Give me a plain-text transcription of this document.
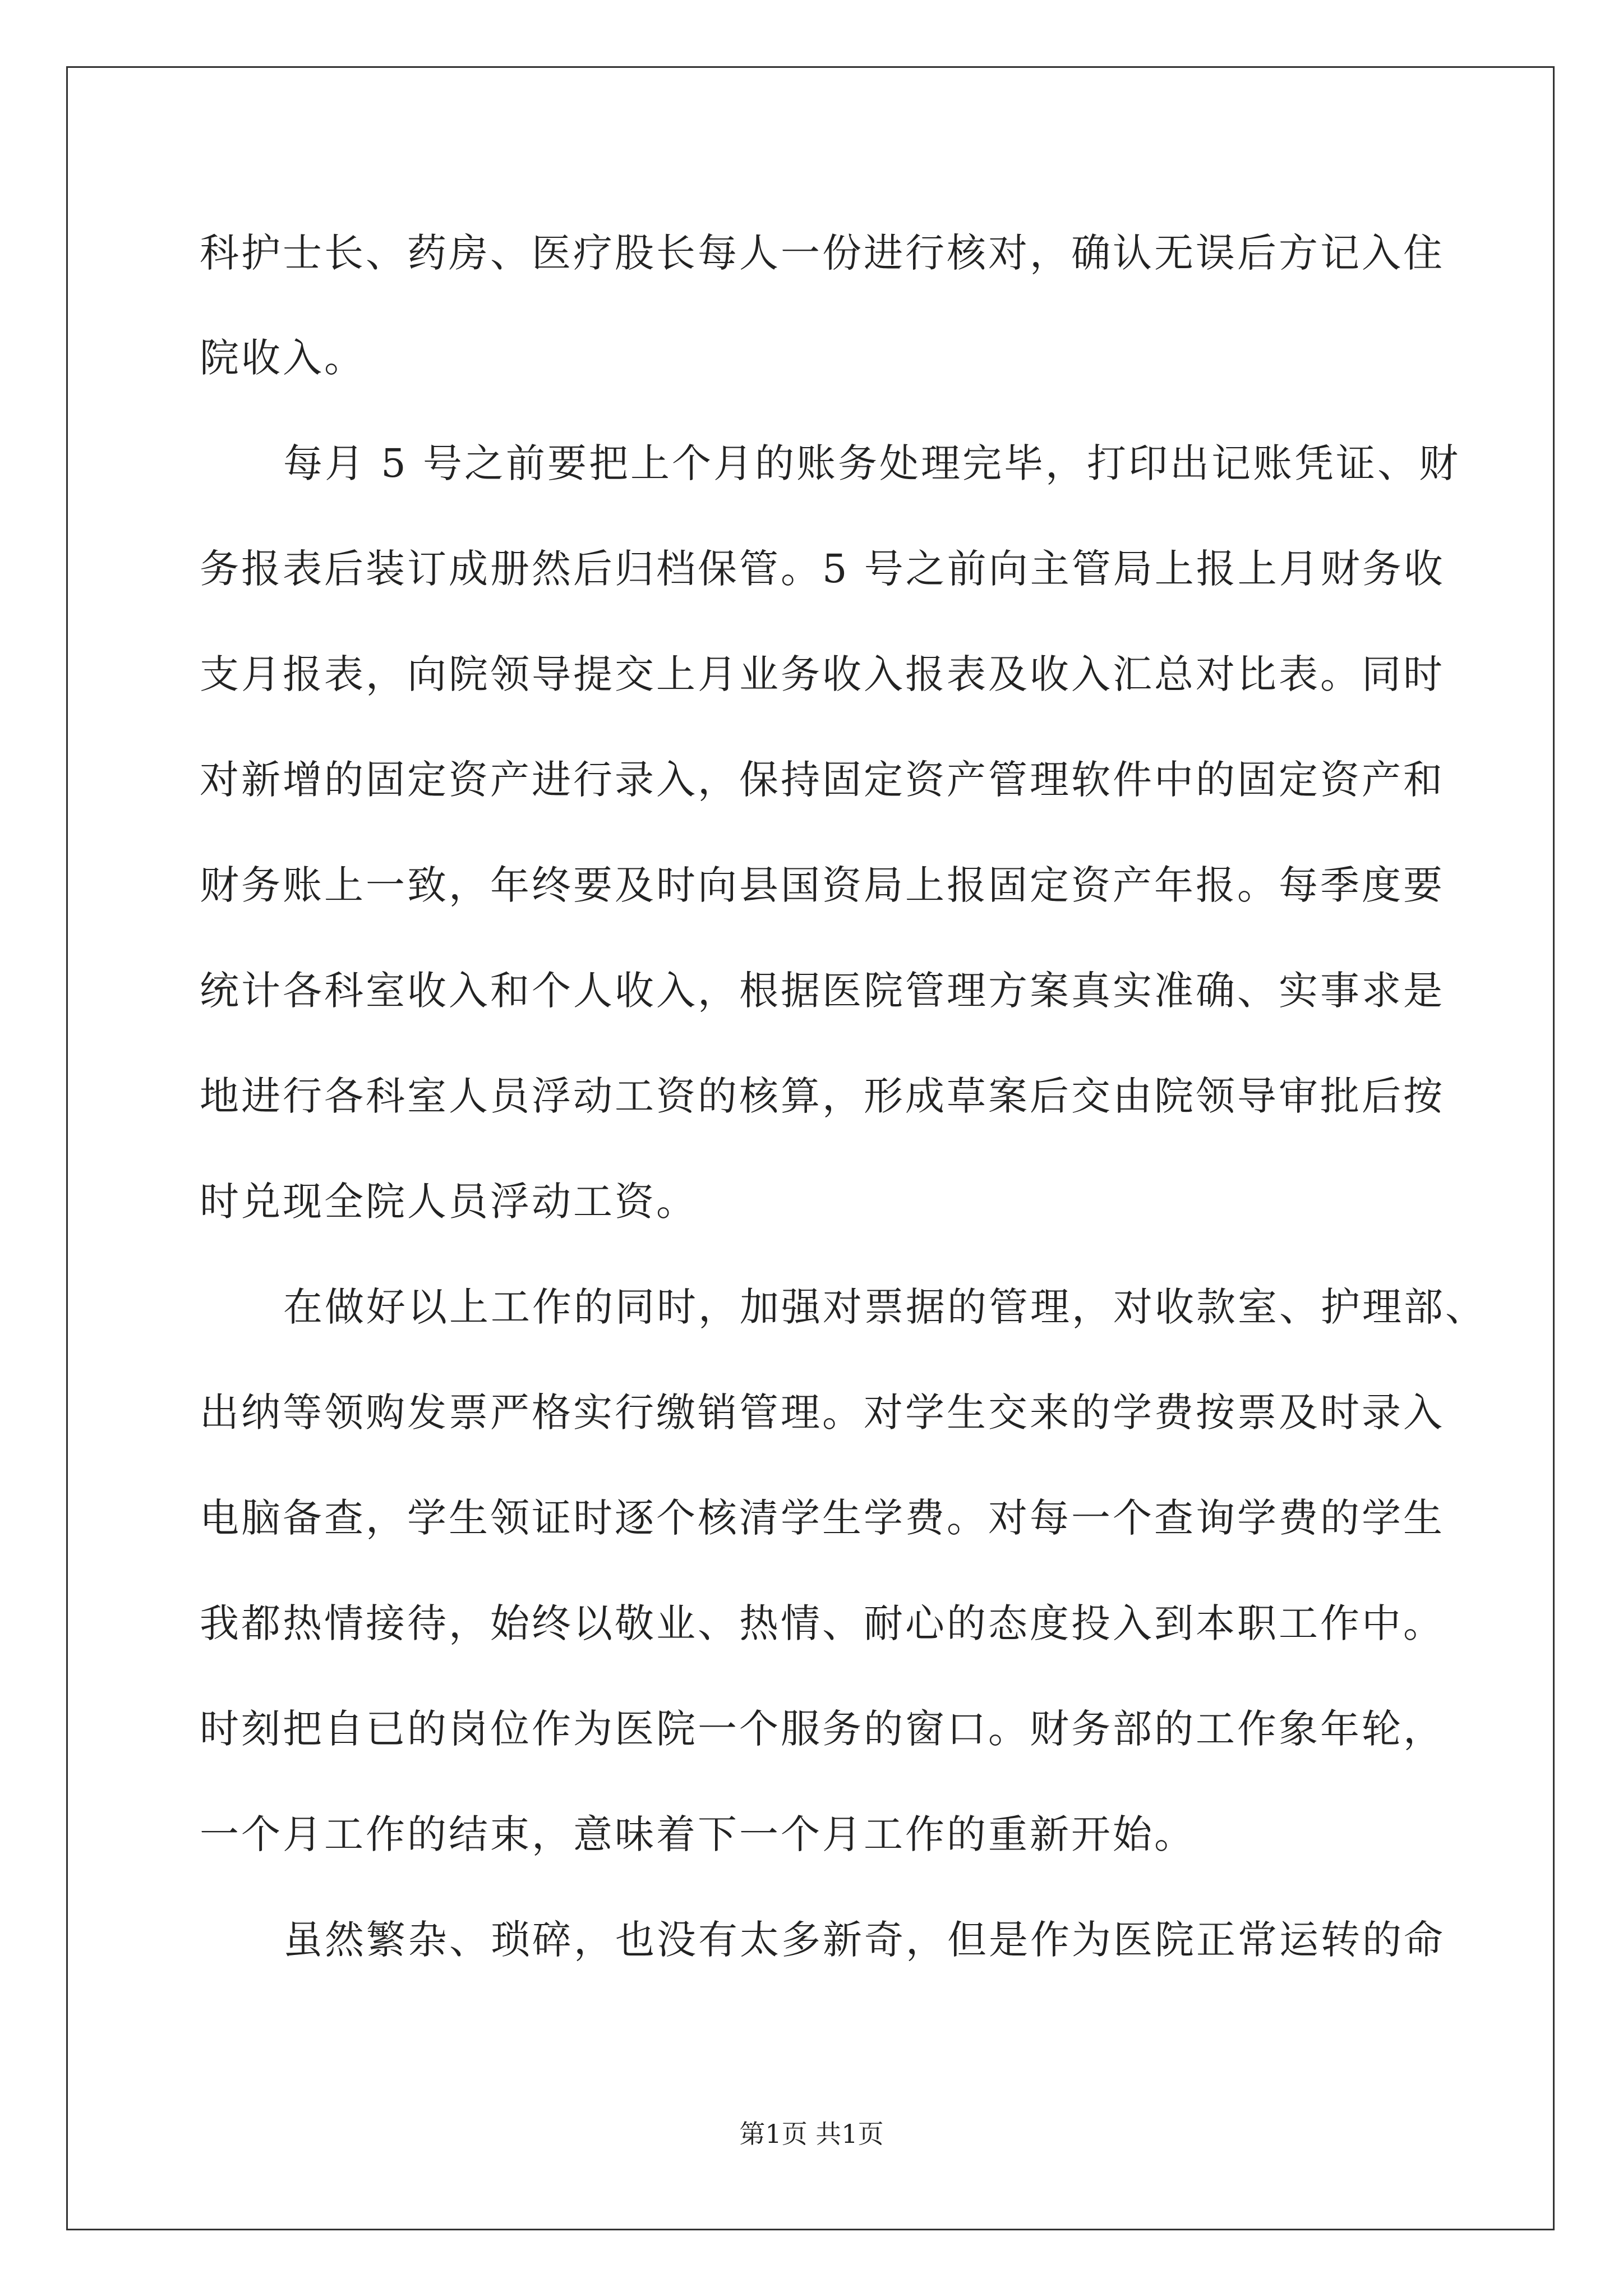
科护士长、药房、医疗股长每人一份进行核对，确认无误后方记入住
院收入。
每月 5 号之前要把上个月的账务处理完毕，打印出记账凭证、财
务报表后装订成册然后归档保管。5 号之前向主管局上报上月财务收
支月报表，向院领导提交上月业务收入报表及收入汇总对比表。同时
对新增的固定资产进行录入，保持固定资产管理软件中的固定资产和
财务账上一致，年终要及时向县国资局上报固定资产年报。每季度要
统计各科室收入和个人收入，根据医院管理方案真实准确、实事求是
地进行各科室人员浮动工资的核算，形成草案后交由院领导审批后按
时兑现全院人员浮动工资。
在做好以上工作的同时，加强对票据的管理，对收款室、护理部、
出纳等领购发票严格实行缴销管理。对学生交来的学费按票及时录入
电脑备查，学生领证时逐个核清学生学费。对每一个查询学费的学生
我都热情接待，始终以敬业、热情、耐心的态度投入到本职工作中。
时刻把自已的岗位作为医院一个服务的窗口。财务部的工作象年轮，
一个月工作的结束，意味着下一个月工作的重新开始。
虽然繁杂、琐碎，也没有太多新奇，但是作为医院正常运转的命
第1页 共1页
